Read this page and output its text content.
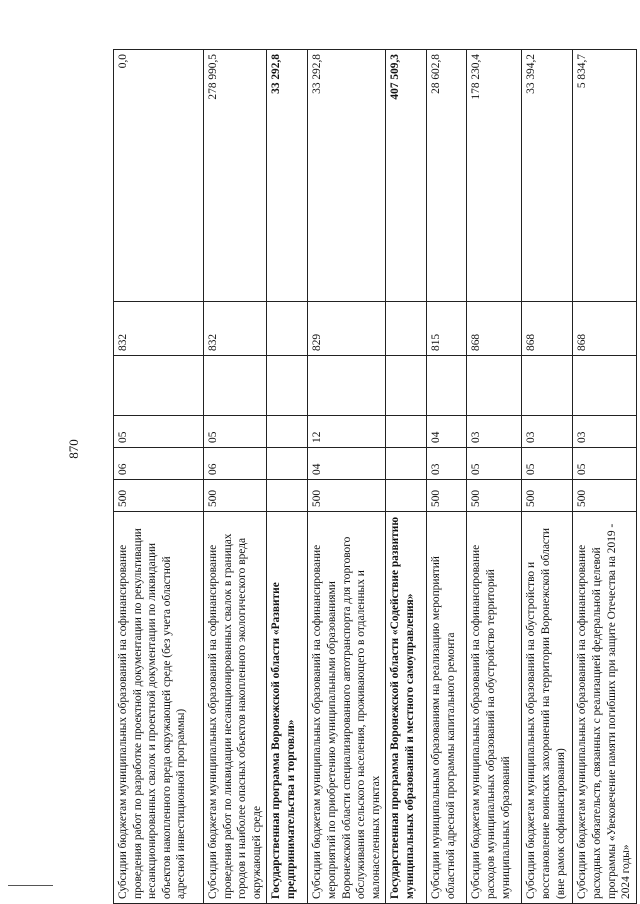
870
Субсидии бюджетам муниципальных образований на софинансирование проведения работ по разработке проектной документации по рекультивации несанкционированных свалок и проектной документации по ликвидации объектов накопленного вреда окружающей среде (без учета областной адресной инвестиционной программы)	500	06	05		832	0,0
Субсидии бюджетам муниципальных образований на софинансирование проведения работ по ликвидации несанкционированных свалок в границах городов и наиболее опасных объектов накопленного экологического вреда окружающей среде	500	06	05		832	278 990,5
Государственная программа Воронежской области «Развитие предпринимательства и торговли»						33 292,8
Субсидии бюджетам муниципальных образований на софинансирование мероприятий по приобретению муниципальными образованиями Воронежской области специализированного автотранспорта для торгового обслуживания сельского населения, проживающего в отдаленных и малонаселенных пунктах	500	04	12		829	33 292,8
Государственная программа Воронежской области «Содействие развитию муниципальных образований и местного самоуправления»						407 509,3
Субсидии муниципальным образованиям на реализацию мероприятий областной адресной программы капитального ремонта	500	03	04		815	28 602,8
Субсидии бюджетам муниципальных образований на софинансирование расходов муниципальных образований на обустройство территорий муниципальных образований	500	05	03		868	178 230,4
Субсидии бюджетам муниципальных образований на обустройство и восстановление воинских захоронений на территории Воронежской области (вне рамок софинансирования)	500	05	03		868	33 394,2
Субсидии бюджетам муниципальных образований на софинансирование расходных обязательств, связанных с реализацией федеральной целевой программы «Увековечение памяти погибших при защите Отечества на 2019 - 2024 годы»	500	05	03		868	5 834,7
